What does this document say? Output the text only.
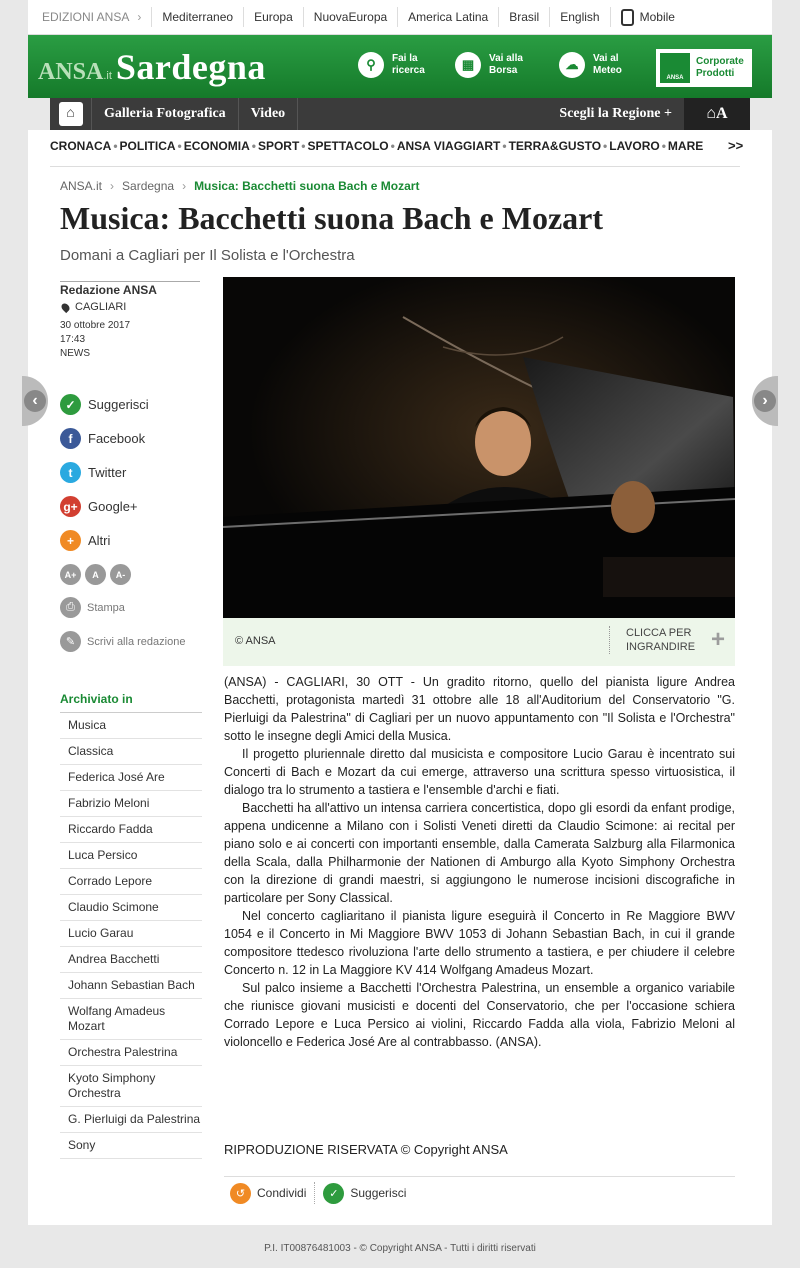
EDIZIONI ANSA ›	Mediterraneo	Europa	NuovaEuropa	America Latina	Brasil	English	Mobile
ANSA .it Sardegna	⚲	Fai la
ricerca	▦	Vai alla
Borsa	☁	Vai al
Meteo
ANSA
Corporate
Prodotti
⌂	Galleria Fotografica	Video	Scegli la Regione +	⌂ A
CRONACA • POLITICA • ECONOMIA • SPORT • SPETTACOLO • ANSA VIAGGIART • TERRA&GUSTO • LAVORO • MARE >>
ANSA.it › Sardegna › Musica: Bacchetti suona Bach e Mozart
Musica: Bacchetti suona Bach e Mozart
Domani a Cagliari per Il Solista e l'Orchestra
Redazione ANSA
CAGLIARI
30 ottobre 2017
17:43
NEWS
✓ Suggerisci
f	Facebook
t	Twitter
g+ Google+
+	Altri
A+	A	A-
⎙	Stampa
✎	Scrivi alla redazione
Archiviato in
Musica
Classica
Federica José Are
Fabrizio Meloni
Riccardo Fadda
Luca Persico
Corrado Lepore
Claudio Scimone
Lucio Garau
Andrea Bacchetti
Johann Sebastian Bach
Wolfang Amadeus Mozart
Orchestra Palestrina
Kyoto Simphony Orchestra
G. Pierluigi da Palestrina
Sony
© ANSA
CLICCA PER
INGRANDIRE +

(ANSA) - CAGLIARI, 30 OTT - Un gradito ritorno, quello del pianista ligure Andrea Bacchetti, protagonista martedì 31 ottobre alle 18 all'Auditorium del Conservatorio "G. Pierluigi da Palestrina" di Cagliari per un nuovo appuntamento con "Il Solista e l'Orchestra" sotto le insegne degli Amici della Musica.

Il progetto pluriennale diretto dal musicista e compositore Lucio Garau è incentrato sui Concerti di Bach e Mozart da cui emerge, attraverso una scrittura spesso virtuosistica, il dialogo tra lo strumento a tastiera e l'ensemble d'archi e fiati.

Bacchetti ha all'attivo un intensa carriera concertistica, dopo gli esordi da enfant prodige, appena undicenne a Milano con i Solisti Veneti diretti da Claudio Scimone: ai recital per piano solo e ai concerti con importanti ensemble, dalla Camerata Salzburg alla Filarmonica della Scala, dalla Philharmonie der Nationen di Amburgo alla Kyoto Simphony Orchestra con la direzione di grandi maestri, si aggiungono le numerose incisioni discografiche in particolare per Sony Classical.

Nel concerto cagliaritano il pianista ligure eseguirà il Concerto in Re Maggiore BWV 1054 e il Concerto in Mi Maggiore BWV 1053 di Johann Sebastian Bach, in cui il grande compositore ttedesco rivoluziona l'arte dello strumento a tastiera, e per chiudere il celebre Concerto n. 12 in La Maggiore KV 414 Wolfgang Amadeus Mozart.

Sul palco insieme a Bacchetti l'Orchestra Palestrina, un ensemble a organico variabile che riunisce giovani musicisti e docenti del Conservatorio, che per l'occasione schiera Corrado Lepore e Luca Persico ai violini, Riccardo Fadda alla viola, Fabrizio Meloni al violoncello e Federica José Are al contrabbasso. (ANSA).

RIPRODUZIONE RISERVATA © Copyright ANSA
↺ Condividi	✓ Suggerisci
P.I. IT00876481003 - © Copyright ANSA - Tutti i diritti riservati
‹	›
